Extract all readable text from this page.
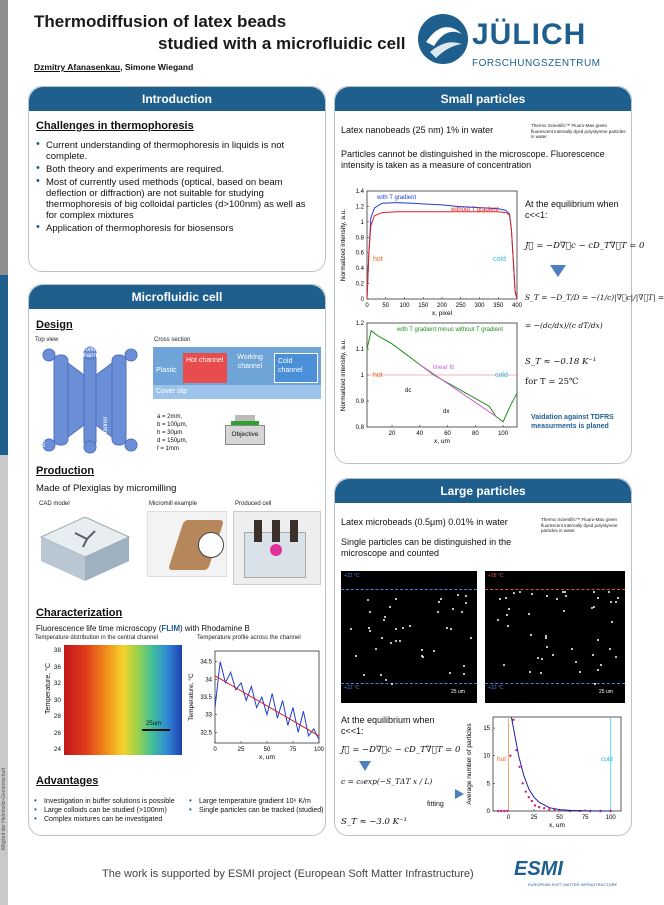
Mitglied der Helmholtz-Gemeinschaft
Thermodiffusion of latex beads
studied with a microfluidic cell
Dzmitry Afanasenkau, Simone Wiegand
JÜLICH
FORSCHUNGSZENTRUM
Introduction
Challenges in thermophoresis
• Current understanding of thermophoresis in liquids is not complete.
• Both theory and experiments are required.
• Most of currently used methods (optical, based on beam deflection or diffraction) are not suitable for studying thermophoresis of big colloidal particles (d>100nm) as well as for complex mixtures
• Application of thermophoresis for biosensors
Microfluidic cell
Design
Top view	Cross section
Working channel
Flowchannel	Flowchannel
Hot channel	Cold channel
Working channel
Plastic
Cover slip
a = 2mm,
b = 100μm,
h = 30μm
d = 150μm,
f = 1mm
Objective
Production
Made of Plexiglas by micromilling
CAD model	Micromill example	Produced cell
Characterization
Fluorescence life time microscopy (FLIM) with Rhodamine B
Temperature distribution in the central channel	Temperature profile across the channel
Temperature, °C
38
36
32
30
28
26
24
25um
0	25	50	75	100
32.5
33
33.5
34
34.5
x, um
Temperature, °C
Advantages
• Investigation in buffer solutions is possible
• Large colloids can be studied (>100nm)
• Complex mixtures can be investigated
• Large temperature gradient 10⁶ K/m
• Single particles can be tracked (studied)
Small particles
Latex nanobeads (25 nm) 1% in water	Thermo Scientific™ Fluoro-Max green fluorescent internally dyed polystyrene particles in water.
Particles cannot be distinguished in the microscope. Fluorescence intensity is taken as a measure of concentration
0 50 100 150 200 250 300 350 400
0
0.2
0.4
0.6
0.8
1
1.2
1.4
x, pixel
Normalized intensity, a.u.
with T gradient
without T gradient
hot	cold
20	40	60	80	100
0.8
0.9
1
1.1
1.2
x, um
Normalized intensity, a.u.
with T gradient minus without T gradient
linear fit
hot	cold
dc
dx
At the equilibrium when c<<1:
J⃗ = −D∇⃗c − cD_T∇⃗T = 0
S_T = −D_T/D = −(1/c)|∇⃗c|/|∇⃗T| =
= −(dc/dx)/(c dT/dx)
S_T ≈ −0.18 K⁻¹
for T = 25℃
Vaidation against TDFRS measurments is planed
Large particles
Latex microbeads (0.5μm) 0.01% in water	Thermo Scientific™ Fluoro-Max green fluorescent internally dyed polystyrene particles in water.
Single particles can be distinguished in the microscope and counted
+22 °C
+22 °C
25 um
+28 °C
+22 °C
25 um
At the equilibrium when c<<1:
J⃗ = −D∇⃗c − cD_T∇⃗T = 0
c = c₀exp(−S_TΔT x / L)
fitting
S_T ≈ −3.0 K⁻¹	0	25	50	75	100
0
5
10
15
x, um
Average number of particles	hot	cold
The work is supported by ESMI project (European Soft Matter Infrastructure) ESMI
EUROPEAN SOFT MATTER INFRASTRUCTURE
